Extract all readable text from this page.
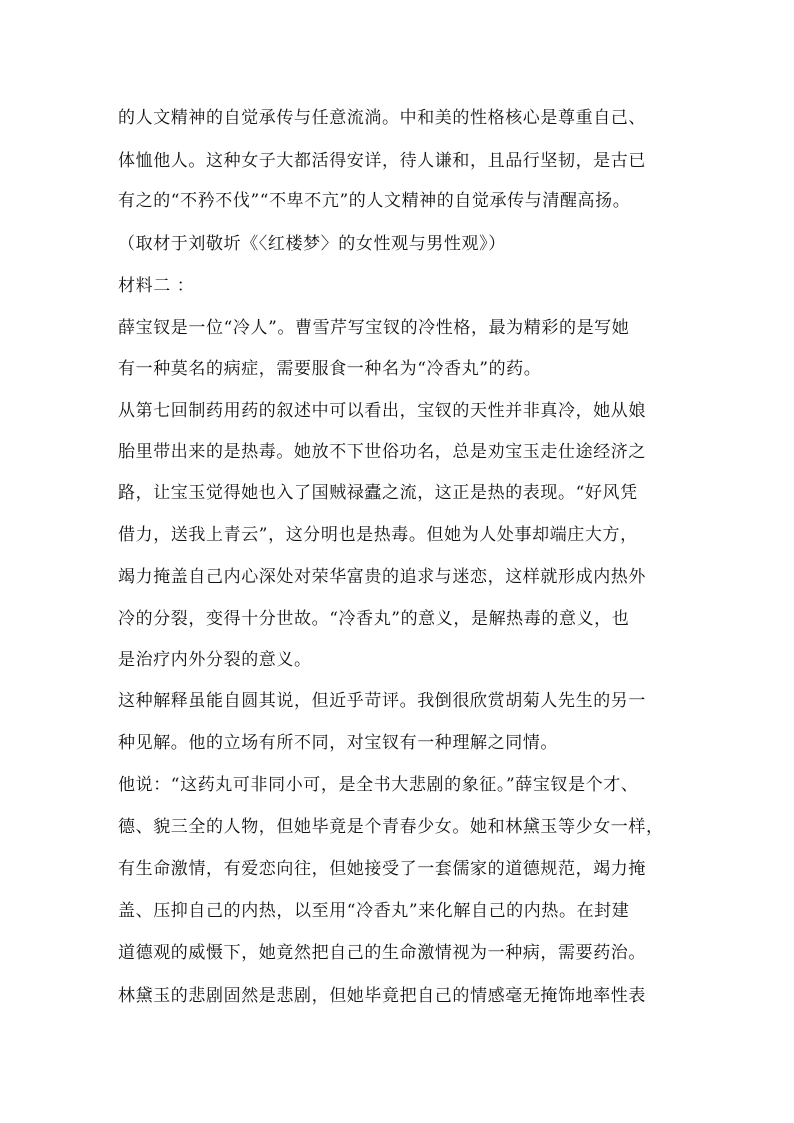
的人文精神的自觉承传与任意流淌。中和美的性格核心是尊重自己、
体恤他人。这种女子大都活得安详，待人谦和，且品行坚韧，是古已
有之的“不矜不伐”“不卑不亢”的人文精神的自觉承传与清醒高扬。
（取材于刘敬圻《〈红楼梦〉的女性观与男性观》）
材料二 ：
薛宝钗是一位“冷人”。曹雪芹写宝钗的冷性格，最为精彩的是写她
有一种莫名的病症，需要服食一种名为“冷香丸”的药。
从第七回制药用药的叙述中可以看出，宝钗的天性并非真冷，她从娘
胎里带出来的是热毒。她放不下世俗功名，总是劝宝玉走仕途经济之
路，让宝玉觉得她也入了国贼禄蠹之流，这正是热的表现。“好风凭
借力，送我上青云”，这分明也是热毒。但她为人处事却端庄大方，
竭力掩盖自己内心深处对荣华富贵的追求与迷恋，这样就形成内热外
冷的分裂，变得十分世故。“冷香丸”的意义，是解热毒的意义，也
是治疗内外分裂的意义。
这种解释虽能自圆其说，但近乎苛评。我倒很欣赏胡菊人先生的另一
种见解。他的立场有所不同，对宝钗有一种理解之同情。
他说：“这药丸可非同小可，是全书大悲剧的象征。”薛宝钗是个才、
德、貌三全的人物，但她毕竟是个青春少女。她和林黛玉等少女一样，
有生命激情，有爱恋向往，但她接受了一套儒家的道德规范，竭力掩
盖、压抑自己的内热，以至用“冷香丸”来化解自己的内热。在封建
道德观的威慑下，她竟然把自己的生命激情视为一种病，需要药治。
林黛玉的悲剧固然是悲剧，但她毕竟把自己的情感毫无掩饰地率性表
